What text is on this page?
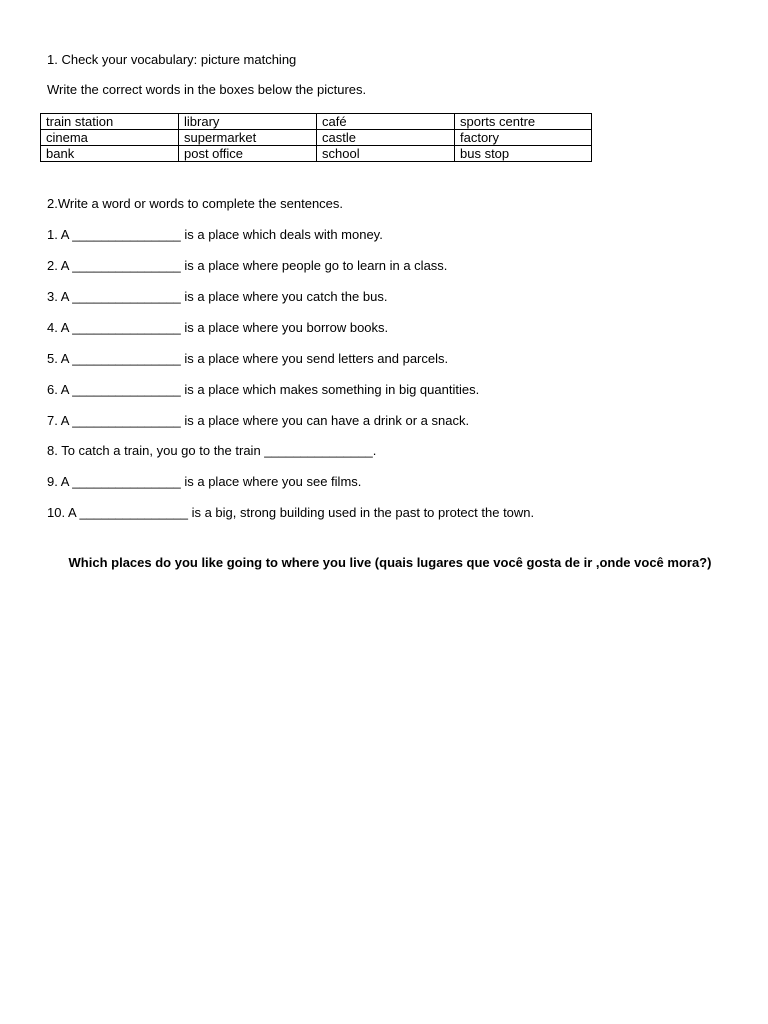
1. Check your vocabulary: picture matching
Write the correct words in the boxes below the pictures.
train station	library	café	sports centre
cinema	supermarket	castle	factory
bank	post office	school	bus stop
2.Write a word or words to complete the sentences.
1. A _______________ is a place which deals with money.
2. A _______________ is a place where people go to learn in a class.
3. A _______________ is a place where you catch the bus.
4. A _______________ is a place where you borrow books.
5. A _______________ is a place where you send letters and parcels.
6. A _______________ is a place which makes something in big quantities.
7. A _______________ is a place where you can have a drink or a snack.
8. To catch a train, you go to the train _______________.
9. A _______________ is a place where you see films.
10. A _______________ is a big, strong building used in the past to protect the town.
Which places do you like going to where you live (quais lugares que você gosta de ir ,onde você mora?)
